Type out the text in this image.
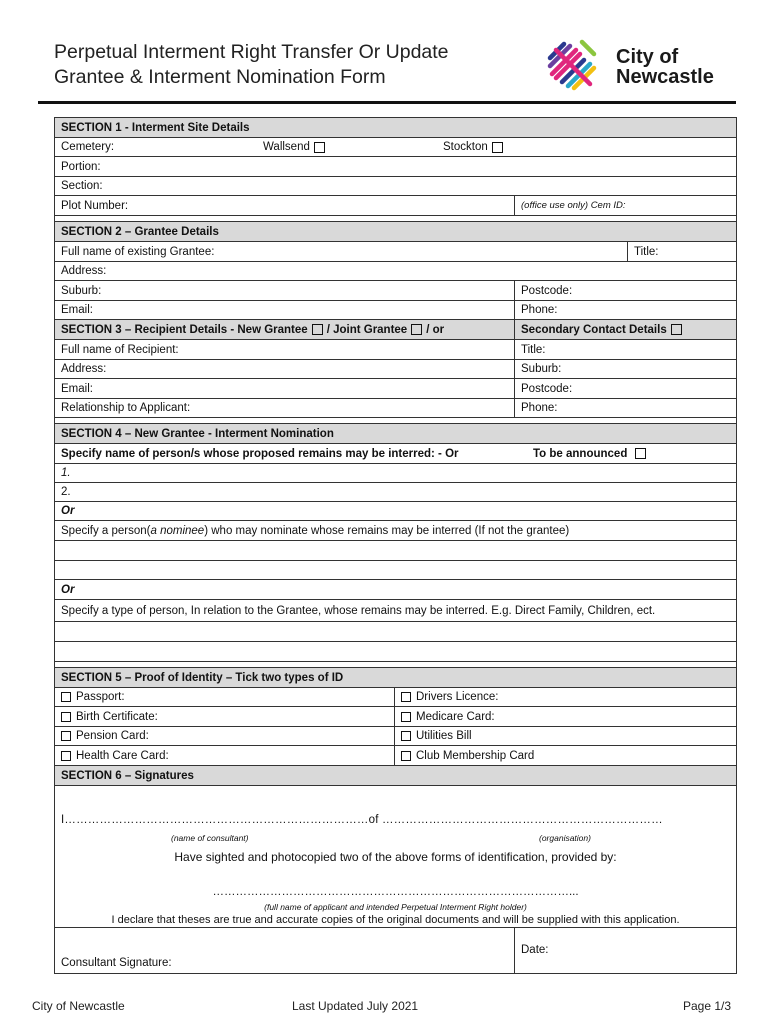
Perpetual Interment Right Transfer Or Update
Grantee & Interment Nomination Form
City of
Newcastle
SECTION 1 - Interment Site Details
Cemetery:	Wallsend	Stockton
Portion:
Section:
Plot Number:	(office use only) Cem ID:
SECTION 2 – Grantee Details
Full name of existing Grantee:	Title:
Address:
Suburb:	Postcode:
Email:	Phone:
SECTION 3 – Recipient Details - New Grantee / Joint Grantee / or	Secondary Contact Details
Full name of Recipient:	Title:
Address:	Suburb:
Email:	Postcode:
Relationship to Applicant:	Phone:
SECTION 4 – New Grantee - Interment Nomination
Specify name of person/s whose proposed remains may be interred: - Or	To be announced
1.
2.
Or
Specify a person( a nominee ) who may nominate whose remains may be interred (If not the grantee)
Or
Specify a type of person, In relation to the Grantee, whose remains may be interred. E.g. Direct Family, Children, ect.
SECTION 5 – Proof of Identity – Tick two types of ID
Passport:	Drivers Licence:
Birth Certificate:	Medicare Card:
Pension Card:	Utilities Bill
Health Care Card:	Club Membership Card
SECTION 6 – Signatures
I……………………………………………………………………of ………………………………………………………………
(name of consultant)	(organisation)
Have sighted and photocopied two of the above forms of identification, provided by:
…………………………………………………………………………………...
(full name of applicant and intended Perpetual Interment Right holder)
I declare that theses are true and accurate copies of the original documents and will be supplied with this application.
Consultant Signature:
Date:
City of Newcastle	Last Updated July 2021	Page 1/3
